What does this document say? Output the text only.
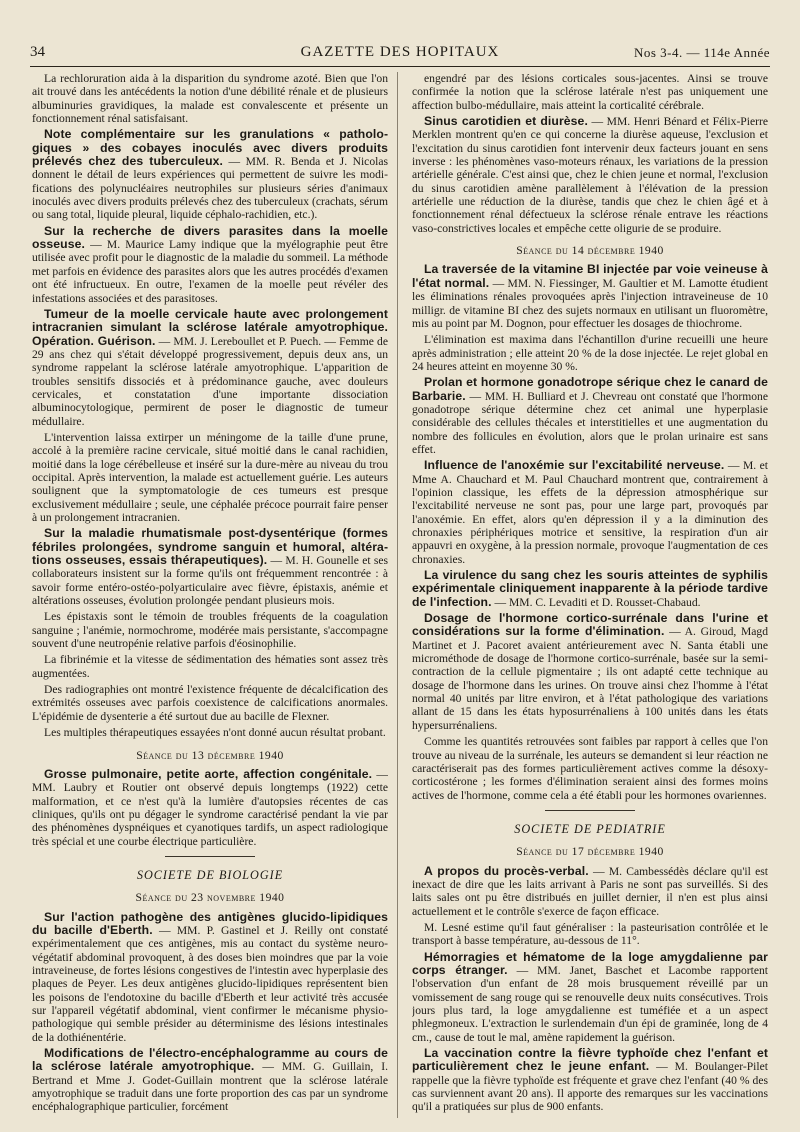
34	GAZETTE DES HOPITAUX	Nos 3-4. — 114e Année

La rechloruration aida à la disparition du syndrome azoté. Bien que l'on ait trouvé dans les antécédents la notion d'une débilité rénale et de plusieurs albuminuries gravidiques, la malade est convalescente et présente un fonctionnement rénal satisfaisant.

Note complémentaire sur les granulations « pathologiques » des cobayes inoculés avec divers produits prélevés chez des tuberculeux. — MM. R. Benda et J. Nicolas donnent le détail de leurs expériences qui permettent de suivre les modifications des polynucléaires neutrophiles sur plusieurs séries d'animaux inoculés avec divers produits prélevés chez des tuberculeux (crachats, sérum ou sang total, liquide pleural, liquide céphalo-rachidien, etc.).

Sur la recherche de divers parasites dans la moelle osseuse. — M. Maurice Lamy indique que la myélographie peut être utilisée avec profit pour le diagnostic de la maladie du sommeil. La méthode met parfois en évidence des parasites alors que les autres procédés d'examen ont été infructueux. En outre, l'examen de la moelle peut révéler des infestations associées et des parasitoses.

Tumeur de la moelle cervicale haute avec prolongement intracranien simulant la sclérose latérale amyotrophique. Opération. Guérison. — MM. J. Lereboullet et P. Puech. — Femme de 29 ans chez qui s'était développé progressivement, depuis deux ans, un syndrome rappelant la sclérose latérale amyotrophique. L'apparition de troubles sensitifs dissociés et à prédominance gauche, avec douleurs cervicales, et constatation d'une importante dissociation albuminocytologique, permirent de poser le diagnostic de tumeur médullaire.

L'intervention laissa extirper un méningome de la taille d'une prune, accolé à la première racine cervicale, situé moitié dans le canal rachidien, moitié dans la loge cérébelleuse et inséré sur la dure-mère au niveau du trou occipital. Après intervention, la malade est actuellement guérie. Les auteurs soulignent que la symptomatologie de ces tumeurs est presque exclusivement médullaire ; seule, une céphalée précoce pourrait faire penser à un prolongement intracranien.

Sur la maladie rhumatismale post-dysentérique (formes fébriles prolongées, syndrome sanguin et humoral, altérations osseuses, essais thérapeutiques). — M. H. Gounelle et ses collaborateurs insistent sur la forme qu'ils ont fréquemment rencontrée : à savoir forme entéro-ostéo-polyarticulaire avec fièvre, épistaxis, anémie et altérations osseuses, évolution prolongée pendant plusieurs mois.

Les épistaxis sont le témoin de troubles fréquents de la coagulation sanguine ; l'anémie, normochrome, modérée mais persistante, s'accompagne souvent d'une neutropénie relative parfois d'éosinophilie.

La fibrinémie et la vitesse de sédimentation des hématies sont assez très augmentées.

Des radiographies ont montré l'existence fréquente de décalcification des extrémités osseuses avec parfois coexistence de calcifications anormales. L'épidémie de dysenterie a été surtout due au bacille de Flexner.

Les multiples thérapeutiques essayées n'ont donné aucun résultat probant.

Séance du 13 décembre 1940

Grosse pulmonaire, petite aorte, affection congénitale. — MM. Laubry et Routier ont observé depuis longtemps (1922) cette malformation, et ce n'est qu'à la lumière d'autopsies récentes de cas cliniques, qu'ils ont pu dégager le syndrome caractérisé pendant la vie par des phénomènes dyspnéiques et cyanotiques tardifs, un aspect radiologique très spécial et une courbe électrique particulière.

SOCIETE DE BIOLOGIE

Séance du 23 novembre 1940

Sur l'action pathogène des antigènes glucido-lipidiques du bacille d'Eberth. — MM. P. Gastinel et J. Reilly ont constaté expérimentalement que ces antigènes, mis au contact du système neuro-végétatif abdominal provoquent, à des doses bien moindres que par la voie intraveineuse, de fortes lésions congestives de l'intestin avec hyperplasie des plaques de Peyer. Les deux antigènes glucido-lipidiques représentent bien les poisons de l'endotoxine du bacille d'Eberth et leur activité très accusée sur l'appareil végétatif abdominal, vient confirmer le mécanisme physio-pathologique qui semble présider au déterminisme des lésions intestinales de la dothiénentérie.

Modifications de l'électro-encéphalogramme au cours de la sclérose latérale amyotrophique. — MM. G. Guillain, I. Bertrand et Mme J. Godet-Guillain montrent que la sclérose latérale amyotrophique se traduit dans une forte proportion des cas par un syndrome encéphalographique particulier, forcément

engendré par des lésions corticales sous-jacentes. Ainsi se trouve confirmée la notion que la sclérose latérale n'est pas uniquement une affection bulbo-médullaire, mais atteint la corticalité cérébrale.

Sinus carotidien et diurèse. — MM. Henri Bénard et Félix-Pierre Merklen montrent qu'en ce qui concerne la diurèse aqueuse, l'exclusion et l'excitation du sinus carotidien font intervenir deux facteurs jouant en sens inverse : les phénomènes vaso-moteurs rénaux, les variations de la pression artérielle générale. C'est ainsi que, chez le chien jeune et normal, l'exclusion du sinus carotidien amène parallèlement à l'élévation de la pression artérielle une réduction de la diurèse, tandis que chez le chien âgé et à fonctionnement rénal défectueux la sclérose rénale entrave les réactions vaso-constrictives locales et empêche cette oligurie de se produire.

Séance du 14 décembre 1940

La traversée de la vitamine BI injectée par voie veineuse à l'état normal. — MM. N. Fiessinger, M. Gaultier et M. Lamotte étudient les éliminations rénales provoquées après l'injection intraveineuse de 10 milligr. de vitamine BI chez des sujets normaux en utilisant un fluoromètre, mis au point par M. Dognon, pour effectuer les dosages de thiochrome.

L'élimination est maxima dans l'échantillon d'urine recueilli une heure après administration ; elle atteint 20 % de la dose injectée. Le rejet global en 24 heures atteint en moyenne 30 %.

Prolan et hormone gonadotrope sérique chez le canard de Barbarie. — MM. H. Bulliard et J. Chevreau ont constaté que l'hormone gonadotrope sérique détermine chez cet animal une hyperplasie considérable des cellules thécales et interstitielles et une augmentation du nombre des follicules en évolution, alors que le prolan urinaire est sans effet.

Influence de l'anoxémie sur l'excitabilité nerveuse. — M. et Mme A. Chauchard et M. Paul Chauchard montrent que, contrairement à l'opinion classique, les effets de la dépression atmosphérique sur l'excitabilité nerveuse ne sont pas, pour une large part, provoqués par l'anoxémie. En effet, alors qu'en dépression il y a la diminution des chronaxies périphériques motrice et sensitive, la respiration d'un air appauvri en oxygène, à la pression normale, provoque l'augmentation de ces chronaxies.

La virulence du sang chez les souris atteintes de syphilis expérimentale cliniquement inapparente à la période tardive de l'infection. — MM. C. Levaditi et D. Rousset-Chabaud.

Dosage de l'hormone cortico-surrénale dans l'urine et considérations sur la forme d'élimination. — A. Giroud, Magd Martinet et J. Pacoret avaient antérieurement avec N. Santa établi une microméthode de dosage de l'hormone cortico-surrénale, basée sur la semi-contraction de la cellule pigmentaire ; ils ont adapté cette technique au dosage de l'hormone dans les urines. On trouve ainsi chez l'homme à l'état normal 40 unités par litre environ, et à l'état pathologique des variations allant de 15 dans les états hyposurrénaliens à 100 unités dans les états hypersurrénaliens.

Comme les quantités retrouvées sont faibles par rapport à celles que l'on trouve au niveau de la surrénale, les auteurs se demandent si leur réaction ne caractériserait pas des formes particulièrement actives comme la désoxy-corticostérone ; les formes d'élimination seraient ainsi des formes moins actives de l'hormone, comme cela a été établi pour les hormones ovariennes.

SOCIETE DE PEDIATRIE

Séance du 17 décembre 1940

A propos du procès-verbal. — M. Cambessédès déclare qu'il est inexact de dire que les laits arrivant à Paris ne sont pas surveillés. Si des laits sales ont pu être distribués en juillet dernier, il n'en est plus ainsi actuellement et le contrôle s'exerce de façon efficace.

M. Lesné estime qu'il faut généraliser : la pasteurisation contrôlée et le transport à basse température, au-dessous de 11°.

Hémorragies et hématome de la loge amygdalienne par corps étranger. — MM. Janet, Baschet et Lacombe rapportent l'observation d'un enfant de 28 mois brusquement réveillé par un vomissement de sang rouge qui se renouvelle deux nuits consécutives. Trois jours plus tard, la loge amygdalienne est tuméfiée et a un aspect phlegmoneux. L'extraction le surlendemain d'un épi de graminée, long de 4 cm., cause de tout le mal, amène rapidement la guérison.

La vaccination contre la fièvre typhoïde chez l'enfant et particulièrement chez le jeune enfant. — M. Boulanger-Pilet rappelle que la fièvre typhoïde est fréquente et grave chez l'enfant (40 % des cas surviennent avant 20 ans). Il apporte des remarques sur les vaccinations qu'il a pratiquées sur plus de 900 enfants.
